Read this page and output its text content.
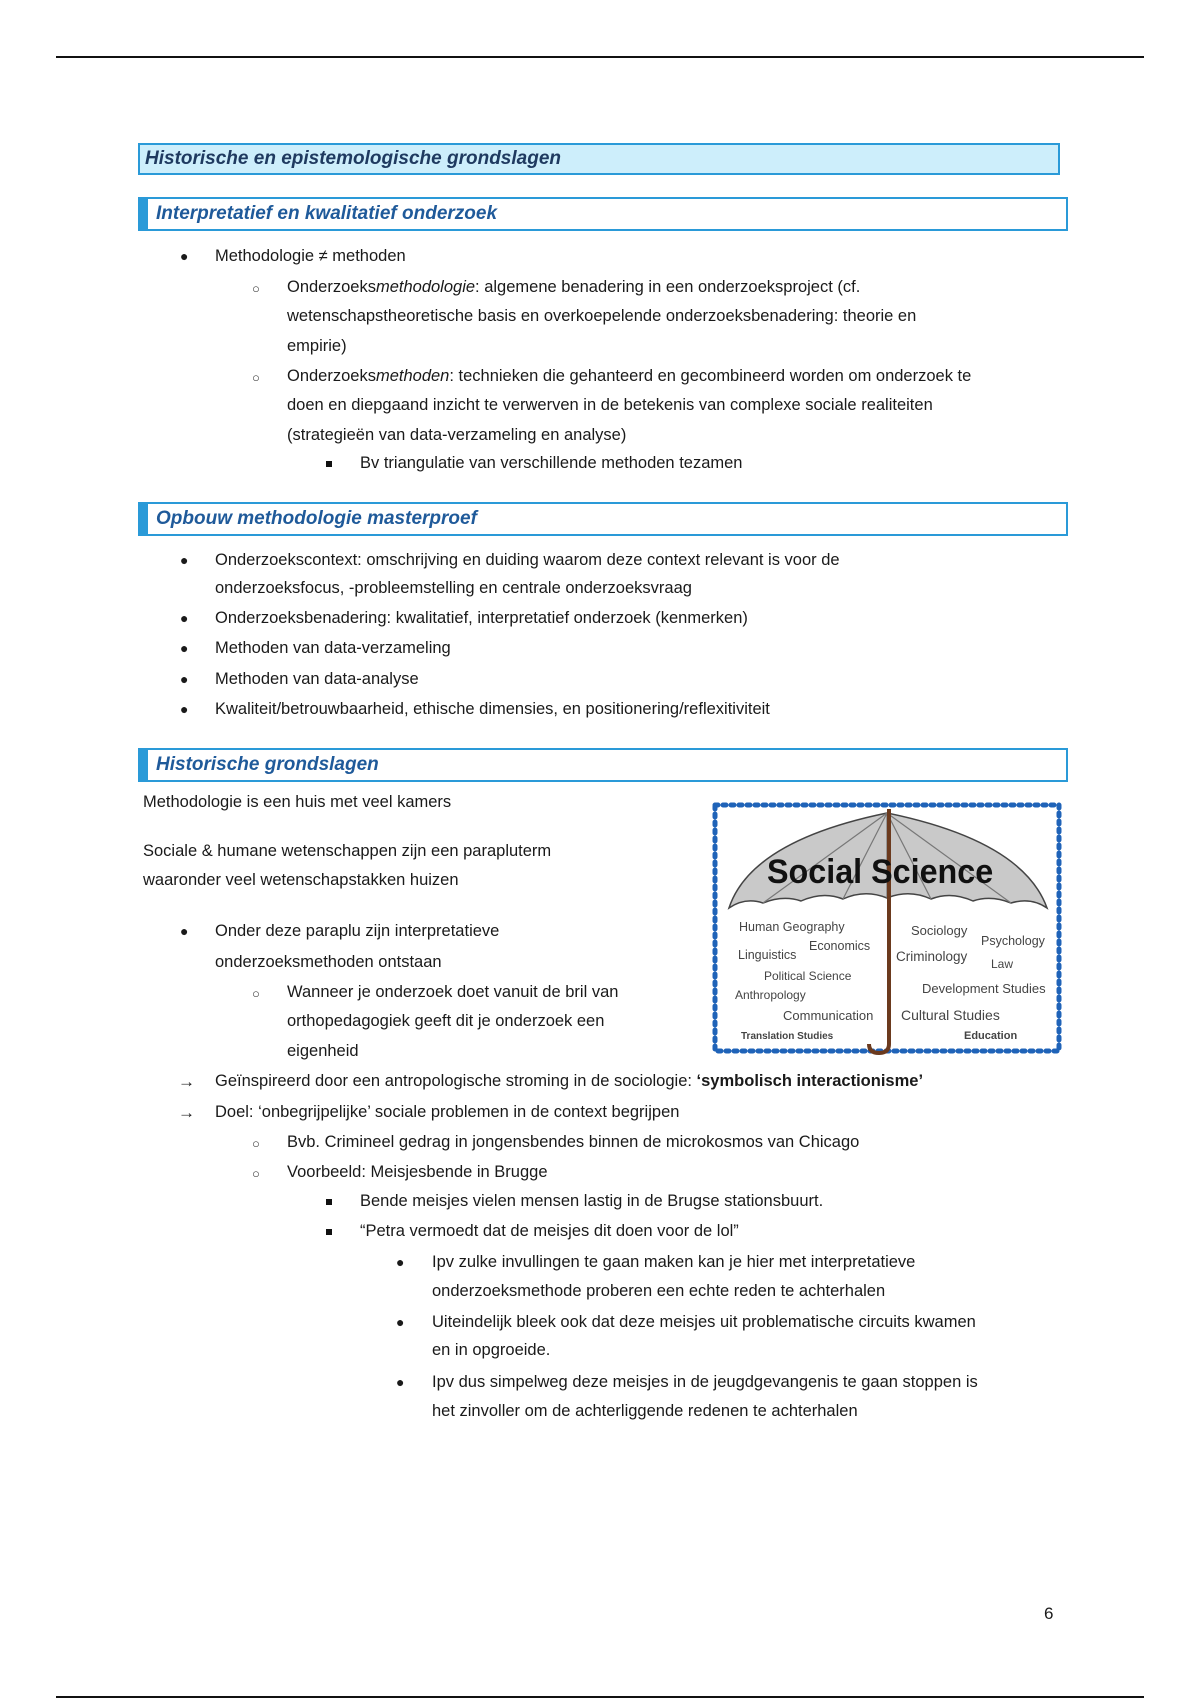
Historische en epistemologische grondslagen
Interpretatief en kwalitatief onderzoek
● Methodologie ≠ methoden
○ Onderzoeksmethodologie: algemene benadering in een onderzoeksproject (cf.
wetenschapstheoretische basis en overkoepelende onderzoeksbenadering: theorie en
empirie)
○ Onderzoeksmethoden: technieken die gehanteerd en gecombineerd worden om onderzoek te
doen en diepgaand inzicht te verwerven in de betekenis van complexe sociale realiteiten
(strategieën van data-verzameling en analyse)
Bv triangulatie van verschillende methoden tezamen
Opbouw methodologie masterproef
● Onderzoekscontext: omschrijving en duiding waarom deze context relevant is voor de
onderzoeksfocus, -probleemstelling en centrale onderzoeksvraag
● Onderzoeksbenadering: kwalitatief, interpretatief onderzoek (kenmerken)
● Methoden van data-verzameling
● Methoden van data-analyse
● Kwaliteit/betrouwbaarheid, ethische dimensies, en positionering/reflexitiviteit
Historische grondslagen
Methodologie is een huis met veel kamers
Sociale & humane wetenschappen zijn een parapluterm
waaronder veel wetenschapstakken huizen
● Onder deze paraplu zijn interpretatieve
onderzoeksmethoden ontstaan
○ Wanneer je onderzoek doet vanuit de bril van
orthopedagogiek geeft dit je onderzoek een
eigenheid
→ Geïnspireerd door een antropologische stroming in de sociologie: ‘symbolisch interactionisme’
→ Doel: ‘onbegrijpelijke’ sociale problemen in de context begrijpen
○ Bvb. Crimineel gedrag in jongensbendes binnen de microkosmos van Chicago
○ Voorbeeld: Meisjesbende in Brugge
Bende meisjes vielen mensen lastig in de Brugse stationsbuurt.
“Petra vermoedt dat de meisjes dit doen voor de lol”
● Ipv zulke invullingen te gaan maken kan je hier met interpretatieve
onderzoeksmethode proberen een echte reden te achterhalen
● Uiteindelijk bleek ook dat deze meisjes uit problematische circuits kwamen
en in opgroeide.
● Ipv dus simpelweg deze meisjes in de jeugdgevangenis te gaan stoppen is
het zinvoller om de achterliggende redenen te achterhalen
Social Science
Human Geography
Economics
Linguistics
Political Science
Anthropology
Communication
Translation Studies
Sociology
Psychology
Criminology Law
Development Studies
Cultural Studies
Education
6
